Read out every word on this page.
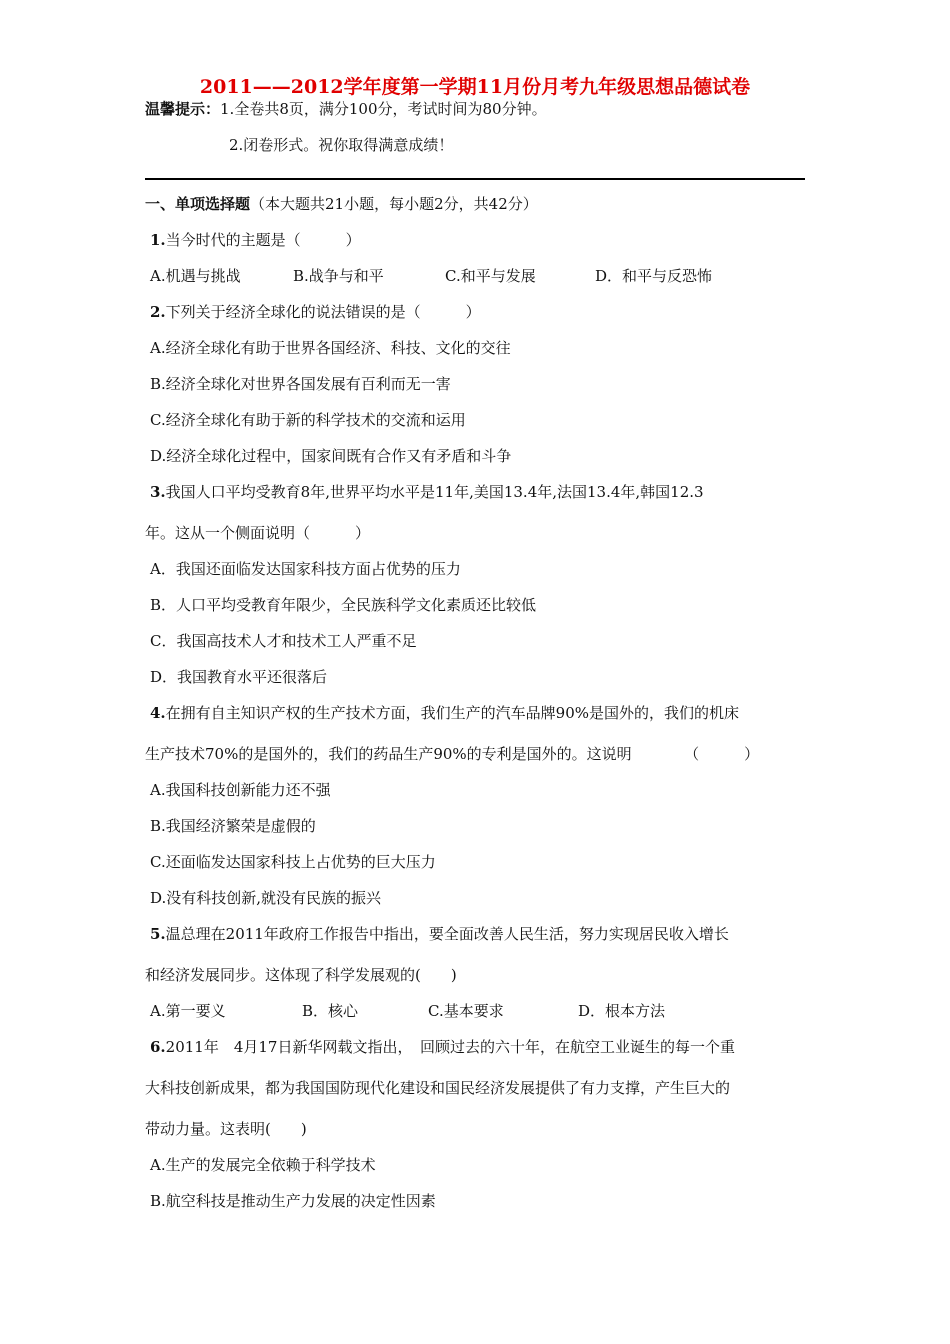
2011——2012学年度第一学期11月份月考九年级思想品德试卷
温馨提示：1.全卷共8页，满分100分，考试时间为80分钟。
2.闭卷形式。祝你取得满意成绩！
一、单项选择题（本大题共21小题，每小题2分，共42分）
1.当今时代的主题是（　　　）
A.机遇与挑战	B.战争与和平	C.和平与发展	D．和平与反恐怖
2.下列关于经济全球化的说法错误的是（　　　）
A.经济全球化有助于世界各国经济、科技、文化的交往
B.经济全球化对世界各国发展有百利而无一害
C.经济全球化有助于新的科学技术的交流和运用
D.经济全球化过程中，国家间既有合作又有矛盾和斗争
3.我国人口平均受教育8年,世界平均水平是11年,美国13.4年,法国13.4年,韩国12.3
年。这从一个侧面说明（　　　）
A．我国还面临发达国家科技方面占优势的压力
B．人口平均受教育年限少，全民族科学文化素质还比较低
C．我国高技术人才和技术工人严重不足
D．我国教育水平还很落后
4.在拥有自主知识产权的生产技术方面，我们生产的汽车品牌90%是国外的，我们的机床
生产技术70%的是国外的，我们的药品生产90%的专利是国外的。这说明　　　　（　　　）
A.我国科技创新能力还不强
B.我国经济繁荣是虚假的
C.还面临发达国家科技上占优势的巨大压力
D.没有科技创新,就没有民族的振兴
5.温总理在2011年政府工作报告中指出，要全面改善人民生活，努力实现居民收入增长
和经济发展同步。这体现了科学发展观的(　　)
A.第一要义	B．核心	C.基本要求	D．根本方法
6.2011年　4月17日新华网载文指出，　回顾过去的六十年，在航空工业诞生的每一个重
大科技创新成果，都为我国国防现代化建设和国民经济发展提供了有力支撑，产生巨大的
带动力量。这表明(　　)
A.生产的发展完全依赖于科学技术
B.航空科技是推动生产力发展的决定性因素
